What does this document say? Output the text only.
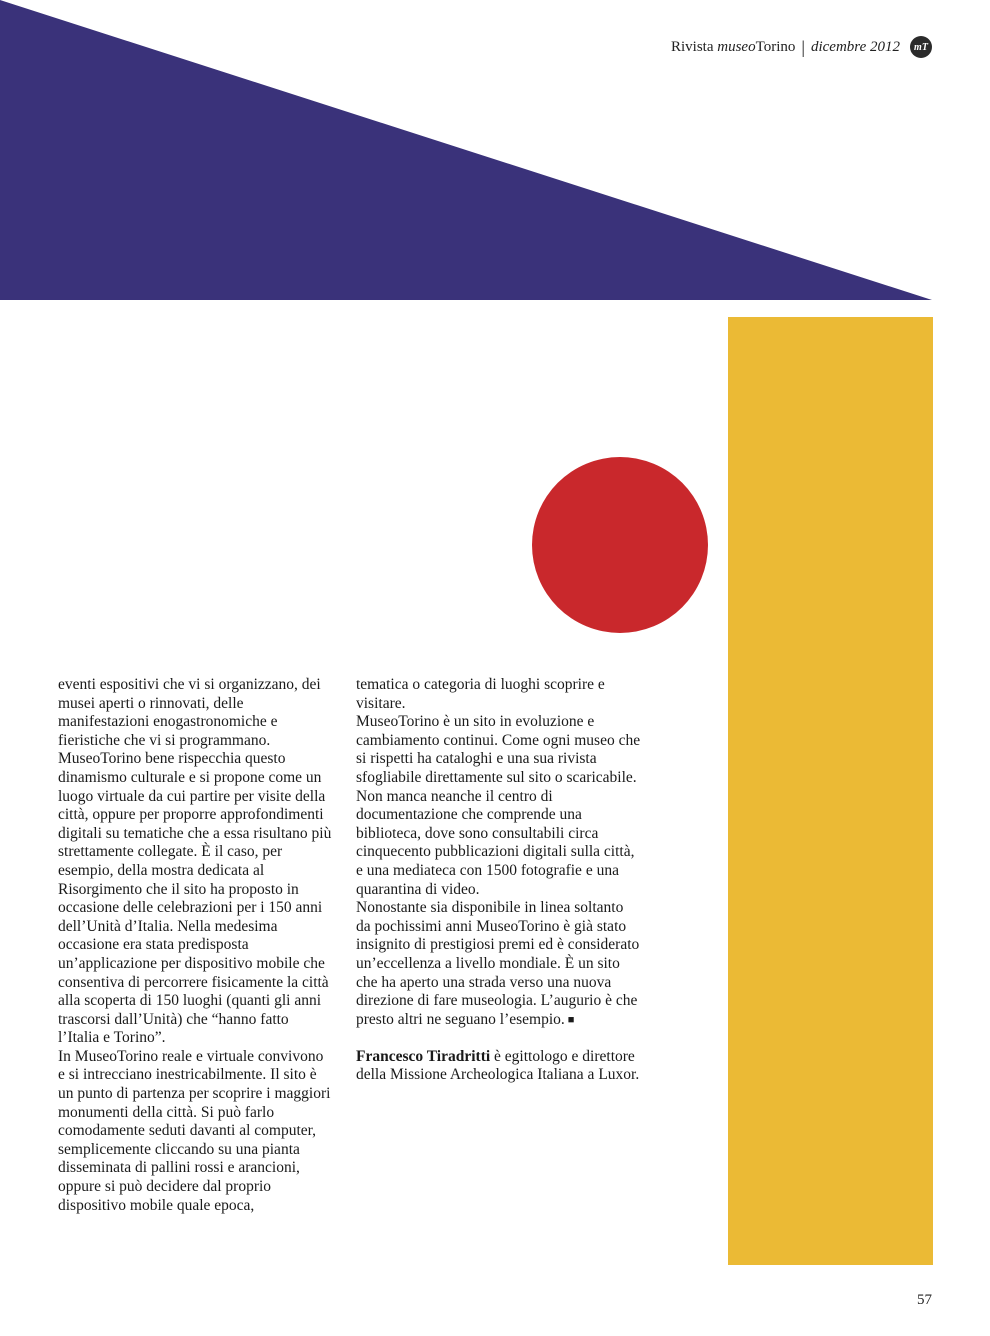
Rivista museoTorino | dicembre 2012	mT

eventi espositivi che vi si organizzano, dei musei aperti o rinnovati, delle manifestazioni enogastronomiche e fieristiche che vi si programmano.

MuseoTorino bene rispecchia questo dinamismo culturale e si propone come un luogo virtuale da cui partire per visite della città, oppure per proporre approfondimenti digitali su tematiche che a essa risultano più strettamente collegate. È il caso, per esempio, della mostra dedicata al Risorgimento che il sito ha proposto in occasione delle celebrazioni per i 150 anni dell’Unità d’Italia. Nella medesima occasione era stata predisposta un’applicazione per dispositivo mobile che consentiva di percorrere fisicamente la città alla scoperta di 150 luoghi (quanti gli anni trascorsi dall’Unità) che “hanno fatto l’Italia e Torino”.

In MuseoTorino reale e virtuale convivono e si intrecciano inestricabilmente. Il sito è un punto di partenza per scoprire i maggiori monumenti della città. Si può farlo comodamente seduti davanti al computer, semplicemente cliccando su una pianta disseminata di pallini rossi e arancioni, oppure si può decidere dal proprio dispositivo mobile quale epoca,

tematica o categoria di luoghi scoprire e visitare.

MuseoTorino è un sito in evoluzione e cambiamento continui. Come ogni museo che si rispetti ha cataloghi e una sua rivista sfogliabile direttamente sul sito o scaricabile. Non manca neanche il centro di documentazione che comprende una biblioteca, dove sono consultabili circa cinquecento pubblicazioni digitali sulla città, e una mediateca con 1500 fotografie e una quarantina di video.

Nonostante sia disponibile in linea soltanto da pochissimi anni MuseoTorino è già stato insignito di prestigiosi premi ed è considerato un’eccellenza a livello mondiale. È un sito che ha aperto una strada verso una nuova direzione di fare museologia. L’augurio è che presto altri ne seguano l’esempio. ■

Francesco Tiradritti è egittologo e direttore della Missione Archeologica Italiana a Luxor.

57
